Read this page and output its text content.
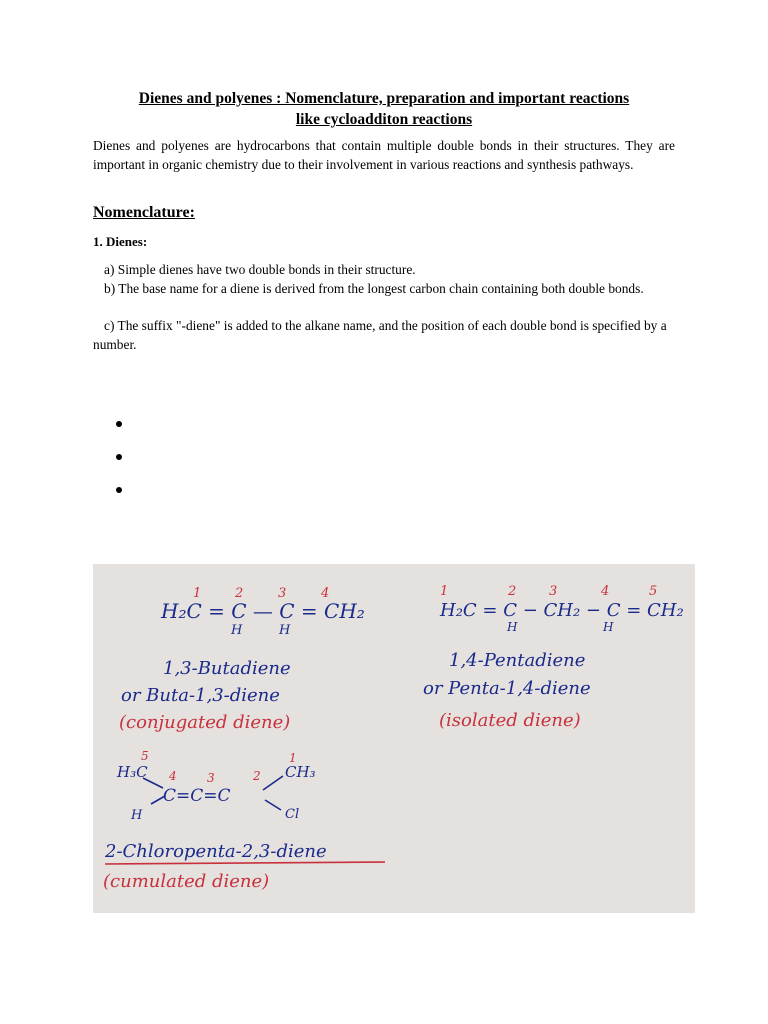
Dienes and polyenes : Nomenclature, preparation and important reactions
like cycloadditon reactions

Dienes and polyenes are hydrocarbons that contain multiple double bonds in their structures. They are important in organic chemistry due to their involvement in various reactions and synthesis pathways.

Nomenclature:

1. Dienes:

a) Simple dienes have two double bonds in their structure.

b) The base name for a diene is derived from the longest carbon chain containing both double bonds.

c) The suffix "-diene" is added to the alkane name, and the position of each double bond is specified by a number.

1	2	3	4
H₂C = C — C = CH₂
H	H
1,3-Butadiene
or Buta-1,3-diene
(conjugated diene)
1	2	3	4	5
H₂C = C − CH₂ − C = CH₂
H	H
1,4-Pentadiene
or Penta-1,4-diene
(isolated diene)
5
4	3	2
1
H₃C
C=C=C
CH₃
H	Cl
2-Chloropenta-2,3-diene
(cumulated diene)
